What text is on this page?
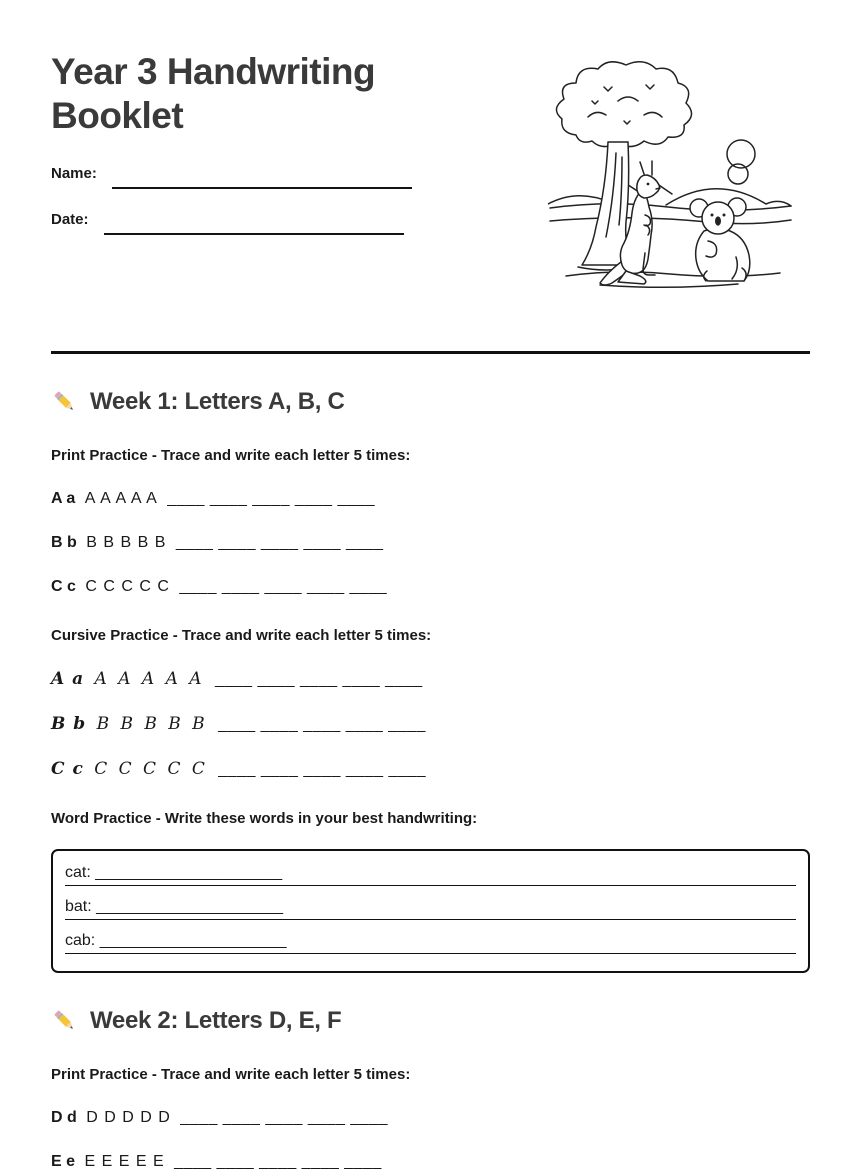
Year 3 Handwriting Booklet
Name:
Date:
Week 1: Letters A, B, C
Print Practice - Trace and write each letter 5 times:
A a A A A A A ____ ____ ____ ____ ____
B b B B B B B ____ ____ ____ ____ ____
C c C C C C C ____ ____ ____ ____ ____
Cursive Practice - Trace and write each letter 5 times:
A a A A A A A ____ ____ ____ ____ ____
B b B B B B B ____ ____ ____ ____ ____
C c C C C C C ____ ____ ____ ____ ____
Word Practice - Write these words in your best handwriting:
cat: _____________________
bat: _____________________
cab: _____________________
Week 2: Letters D, E, F
Print Practice - Trace and write each letter 5 times:
D d D D D D D ____ ____ ____ ____ ____
E e E E E E E ____ ____ ____ ____ ____
